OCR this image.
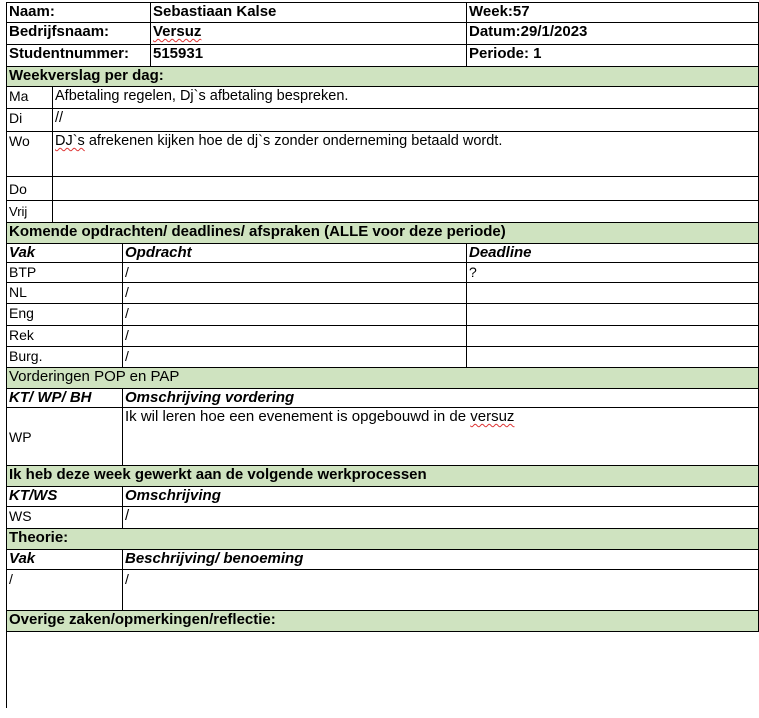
Naam:			Sebastiaan Kalse	Week:57
Bedrijfsnaam:			Versuz	Datum:29/1/2023
Studentnummer:			515931	Periode: 1
Weekverslag per dag:				
Ma	Afbetaling regelen, Dj`s afbetaling bespreken.			
Di	//			
Wo	DJ`s afrekenen kijken hoe de dj`s zonder onderneming betaald wordt.			
Do				
Vrij				
Komende opdrachten/ deadlines/ afspraken (ALLE voor deze periode)				
Vak		Opdracht		Deadline
BTP		/		?
NL		/		
Eng		/		
Rek		/		
Burg.		/		
Vorderingen POP en PAP				
KT/ WP/ BH		Omschrijving vordering		
WP		Ik wil leren hoe een evenement is opgebouwd in de versuz		
Ik heb deze week gewerkt aan de volgende werkprocessen				
KT/WS		Omschrijving		
WS		/		
Theorie:				
Vak		Beschrijving/ benoeming		
/		/		
Overige zaken/opmerkingen/reflectie:				
